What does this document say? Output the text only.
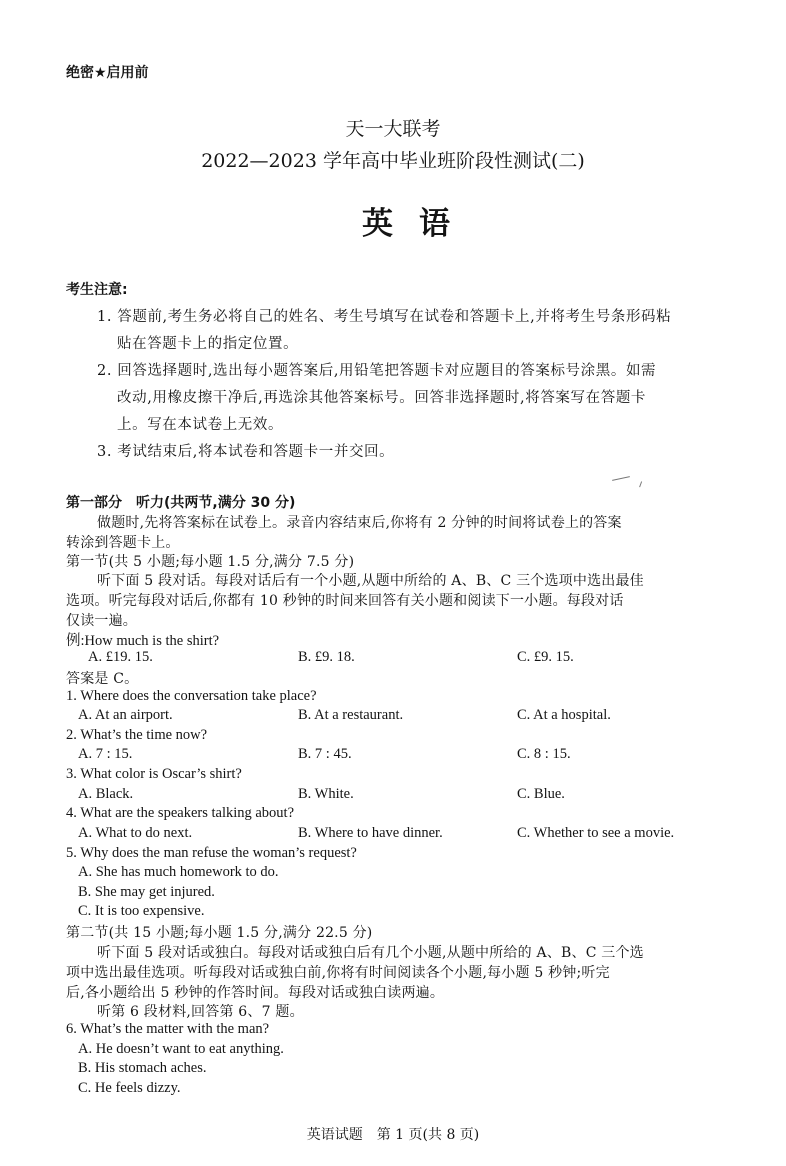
绝密★启用前
天一大联考
2022—2023 学年高中毕业班阶段性测试(二)
英语
考生注意:
1. 答题前,考生务必将自己的姓名、考生号填写在试卷和答题卡上,并将考生号条形码粘
贴在答题卡上的指定位置。
2. 回答选择题时,选出每小题答案后,用铅笔把答题卡对应题目的答案标号涂黑。如需
改动,用橡皮擦干净后,再选涂其他答案标号。回答非选择题时,将答案写在答题卡
上。写在本试卷上无效。
3. 考试结束后,将本试卷和答题卡一并交回。
第一部分　听力(共两节,满分 30 分)
做题时,先将答案标在试卷上。录音内容结束后,你将有 2 分钟的时间将试卷上的答案
转涂到答题卡上。
第一节(共 5 小题;每小题 1.5 分,满分 7.5 分)
听下面 5 段对话。每段对话后有一个小题,从题中所给的 A、B、C 三个选项中选出最佳
选项。听完每段对话后,你都有 10 秒钟的时间来回答有关小题和阅读下一小题。每段对话
仅读一遍。
例:How much is the shirt?
A. £19. 15.	B. £9. 18.	C. £9. 15.
答案是 C。
1. Where does the conversation take place?
A. At an airport.	B. At a restaurant.	C. At a hospital.
2. What’s the time now?
A. 7 : 15.	B. 7 : 45.	C. 8 : 15.
3. What color is Oscar’s shirt?
A. Black.	B. White.	C. Blue.
4. What are the speakers talking about?
A. What to do next.	B. Where to have dinner.	C. Whether to see a movie.
5. Why does the man refuse the woman’s request?
A. She has much homework to do.
B. She may get injured.
C. It is too expensive.
第二节(共 15 小题;每小题 1.5 分,满分 22.5 分)
听下面 5 段对话或独白。每段对话或独白后有几个小题,从题中所给的 A、B、C 三个选
项中选出最佳选项。听每段对话或独白前,你将有时间阅读各个小题,每小题 5 秒钟;听完
后,各小题给出 5 秒钟的作答时间。每段对话或独白读两遍。
听第 6 段材料,回答第 6、7 题。
6. What’s the matter with the man?
A. He doesn’t want to eat anything.
B. His stomach aches.
C. He feels dizzy.
英语试题　第 1 页(共 8 页)
